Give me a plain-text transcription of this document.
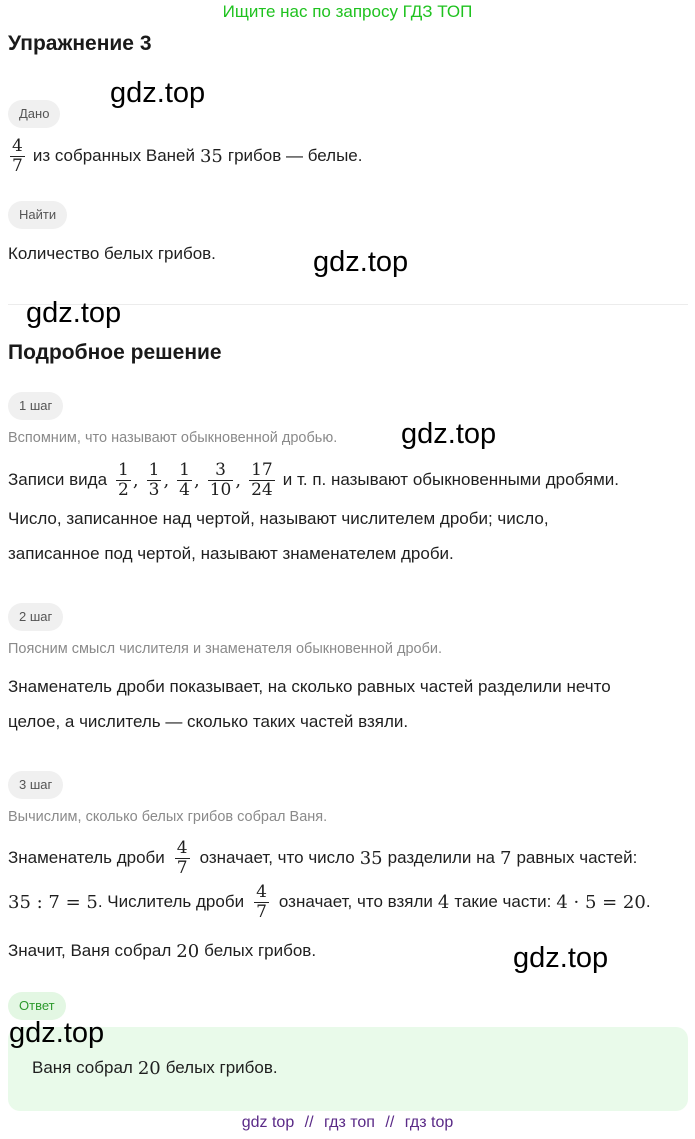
Ищите нас по запросу ГДЗ ТОП
Упражнение 3
Дано
$\frac{4}{7}$ из собранных Ваней 35 грибов — белые.
Найти
Количество белых грибов.
Подробное решение
1 шаг
Вспомним, что называют обыкновенной дробью.
Записи вида $\frac{1}{2}$ , $\frac{1}{3}$ , $\frac{1}{4}$ , $\frac{3}{10}$ , $\frac{17}{24}$ и т. п. называют обыкновенными дробями.
Число, записанное над чертой, называют числителем дроби; число,
записанное под чертой, называют знаменателем дроби.
2 шаг
Поясним смысл числителя и знаменателя обыкновенной дроби.
Знаменатель дроби показывает, на сколько равных частей разделили нечто
целое, а числитель — сколько таких частей взяли.
3 шаг
Вычислим, сколько белых грибов собрал Ваня.
Знаменатель дроби $\frac{4}{7}$ означает, что число 35 разделили на 7 равных частей:
35 : 7 = 5 . Числитель дроби $\frac{4}{7}$ означает, что взяли 4 такие части: 4 · 5 = 20 .
Значит, Ваня собрал 20 белых грибов.
Ответ
Ваня собрал 20 белых грибов.
gdz.top
gdz.top
gdz.top
gdz.top
gdz.top
gdz.top
gdz top // гдз топ // гдз top
